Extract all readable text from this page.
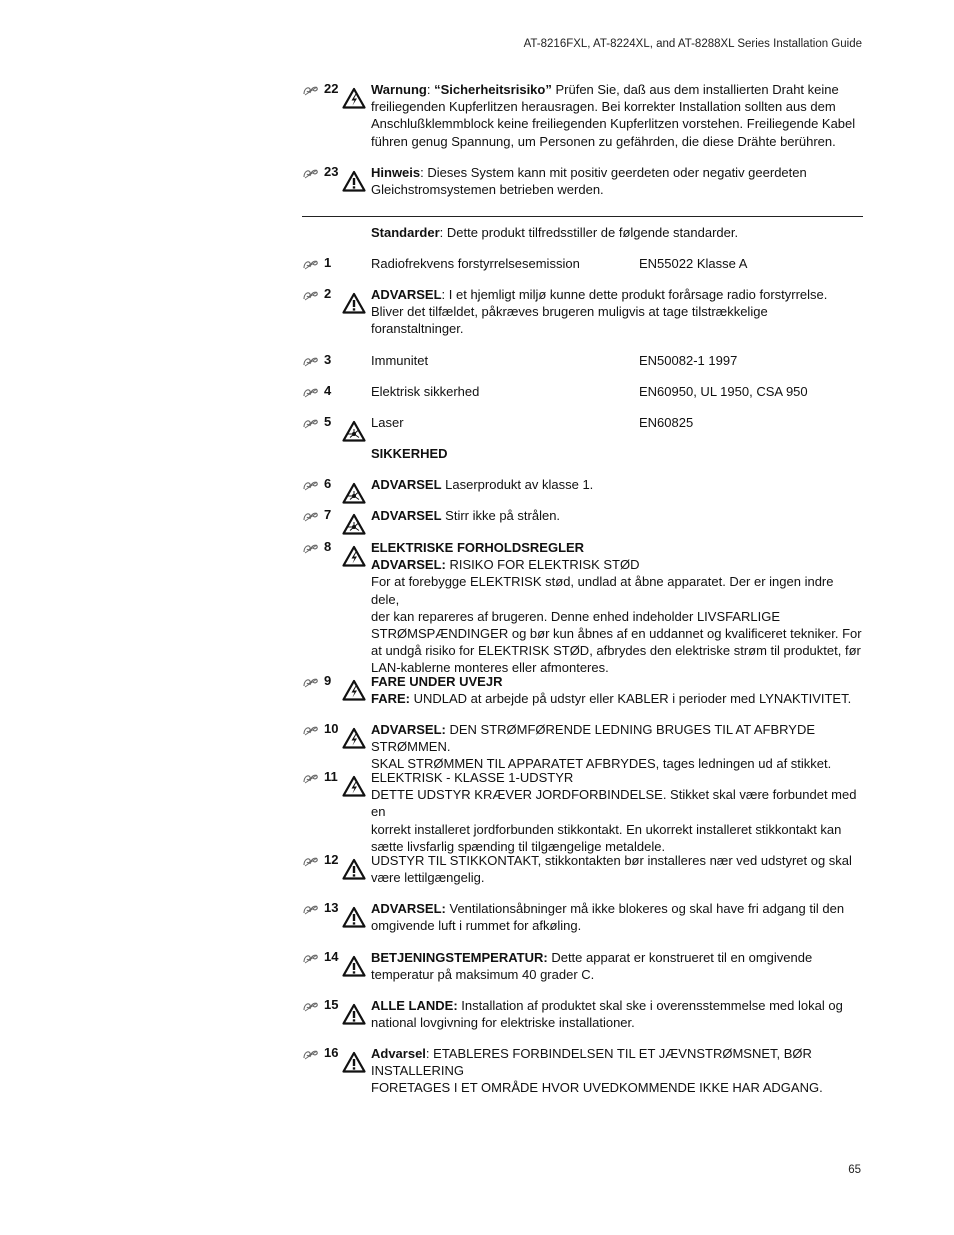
AT-8216FXL, AT-8224XL, and AT-8288XL Series Installation Guide
22	Warnung: “Sicherheitsrisiko” Prüfen Sie, daß aus dem installierten Draht keine
freiliegenden Kupferlitzen herausragen. Bei korrekter Installation sollten aus dem
Anschlußklemmblock keine freiliegenden Kupferlitzen vorstehen. Freiliegende Kabel
führen genug Spannung, um Personen zu gefährden, die diese Drähte berühren.
23	Hinweis: Dieses System kann mit positiv geerdeten oder negativ geerdeten
Gleichstromsystemen betrieben werden.
Standarder: Dette produkt tilfredsstiller de følgende standarder.
1	Radiofrekvens forstyrrelsesemission	EN55022 Klasse A
2	ADVARSEL: I et hjemligt miljø kunne dette produkt forårsage radio forstyrrelse.
Bliver det tilfældet, påkræves brugeren muligvis at tage tilstrækkelige
foranstaltninger.
3	Immunitet	EN50082-1 1997
4	Elektrisk sikkerhed	EN60950, UL 1950, CSA 950
5	Laser	EN60825
SIKKERHED
6	ADVARSEL Laserprodukt av klasse 1.
7	ADVARSEL Stirr ikke på strålen.
8	ELEKTRISKE FORHOLDSREGLER
ADVARSEL: RISIKO FOR ELEKTRISK STØD
For at forebygge ELEKTRISK stød, undlad at åbne apparatet. Der er ingen indre dele,
der kan repareres af brugeren. Denne enhed indeholder LIVSFARLIGE
STRØMSPÆNDINGER og bør kun åbnes af en uddannet og kvalificeret tekniker. For
at undgå risiko for ELEKTRISK STØD, afbrydes den elektriske strøm til produktet, før
LAN-kablerne monteres eller afmonteres.
9	FARE UNDER UVEJR
FARE: UNDLAD at arbejde på udstyr eller KABLER i perioder med LYNAKTIVITET.
10	ADVARSEL: DEN STRØMFØRENDE LEDNING BRUGES TIL AT AFBRYDE STRØMMEN.
SKAL STRØMMEN TIL APPARATET AFBRYDES, tages ledningen ud af stikket.
11	ELEKTRISK - KLASSE 1-UDSTYR
DETTE UDSTYR KRÆVER JORDFORBINDELSE. Stikket skal være forbundet med en
korrekt installeret jordforbunden stikkontakt. En ukorrekt installeret stikkontakt kan
sætte livsfarlig spænding til tilgængelige metaldele.
12	UDSTYR TIL STIKKONTAKT, stikkontakten bør installeres nær ved udstyret og skal
være lettilgængelig.
13	ADVARSEL: Ventilationsåbninger må ikke blokeres og skal have fri adgang til den
omgivende luft i rummet for afkøling.
14	BETJENINGSTEMPERATUR: Dette apparat er konstrueret til en omgivende
temperatur på maksimum 40 grader C.
15	ALLE LANDE: Installation af produktet skal ske i overensstemmelse med lokal og
national lovgivning for elektriske installationer.
16	Advarsel: ETABLERES FORBINDELSEN TIL ET JÆVNSTRØMSNET, BØR INSTALLERING
FORETAGES I ET OMRÅDE HVOR UVEDKOMMENDE IKKE HAR ADGANG.
65
